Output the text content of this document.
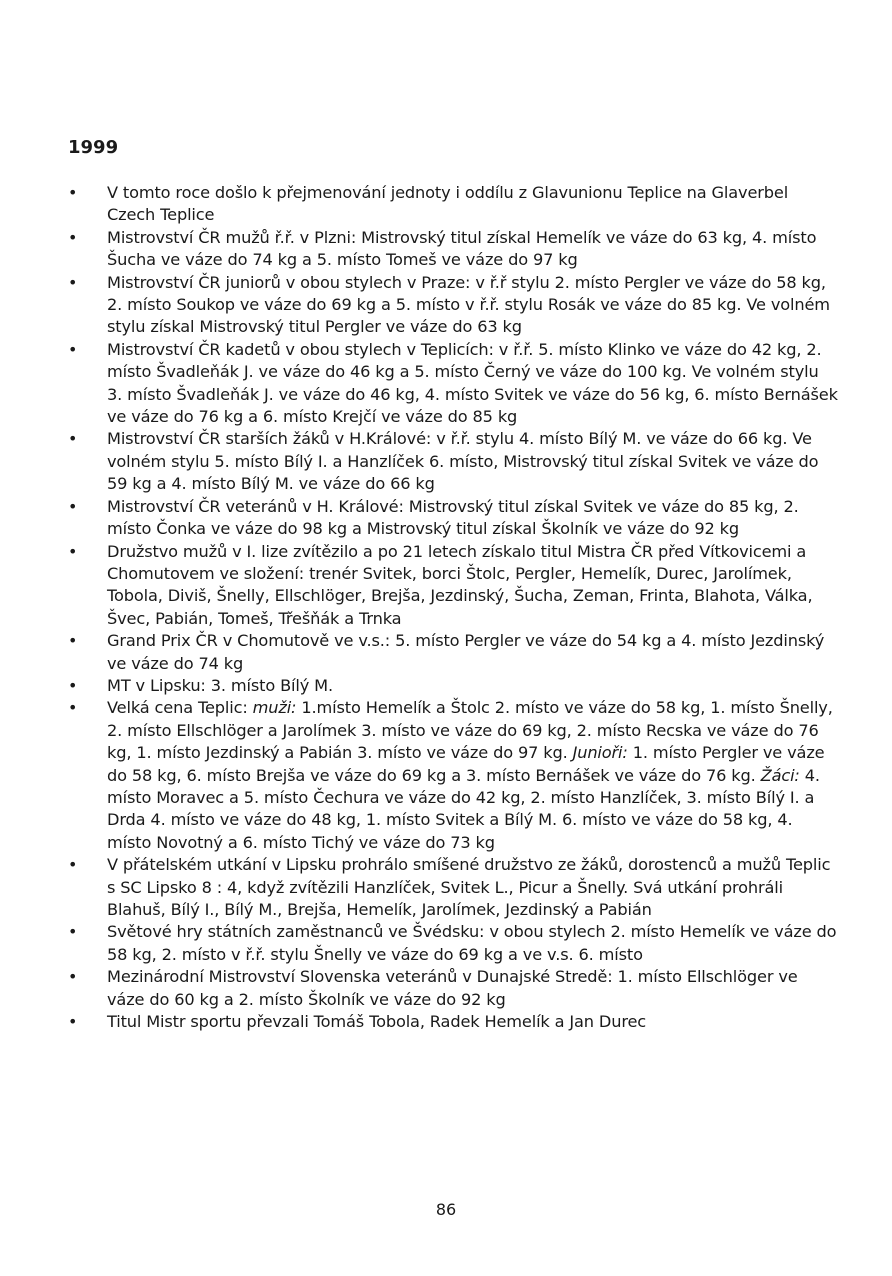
1999
•	V tomto roce došlo k přejmenování jednoty i oddílu z Glavunionu Teplice na Glaverbel Czech Teplice
•	Mistrovství ČR mužů ř.ř. v Plzni: Mistrovský titul získal Hemelík ve váze do 63 kg, 4. místo Šucha ve váze do 74 kg a 5. místo Tomeš ve váze do 97 kg
•	Mistrovství ČR juniorů v obou stylech v Praze: v ř.ř stylu 2. místo Pergler ve váze do 58 kg, 2. místo Soukop ve váze do 69 kg a 5. místo v ř.ř. stylu Rosák ve váze do 85 kg. Ve volném stylu získal Mistrovský titul Pergler ve váze do 63 kg
•	Mistrovství ČR kadetů v obou stylech v Teplicích: v ř.ř. 5. místo Klinko ve váze do 42 kg, 2. místo Švadleňák J. ve váze do 46 kg a 5. místo Černý ve váze do 100 kg. Ve volném stylu 3. místo Švadleňák J. ve váze do 46 kg, 4. místo Svitek ve váze do 56 kg, 6. místo Bernášek ve váze do 76 kg a 6. místo Krejčí ve váze do 85 kg
•	Mistrovství ČR starších žáků v H.Králové: v ř.ř. stylu 4. místo Bílý M. ve váze do 66 kg. Ve volném stylu 5. místo Bílý I. a Hanzlíček 6. místo, Mistrovský titul získal Svitek ve váze do 59 kg a 4. místo Bílý M. ve váze do 66 kg
•	Mistrovství ČR veteránů v H. Králové: Mistrovský titul získal Svitek ve váze do 85 kg, 2. místo Čonka ve váze do 98 kg a Mistrovský titul získal Školník ve váze do 92 kg
•	Družstvo mužů v I. lize zvítězilo a po 21 letech získalo titul Mistra ČR před Vítkovicemi a Chomutovem ve složení: trenér Svitek, borci Štolc, Pergler, Hemelík, Durec, Jarolímek, Tobola, Diviš, Šnelly, Ellschlöger, Brejša, Jezdinský, Šucha, Zeman, Frinta, Blahota, Válka, Švec, Pabián, Tomeš, Třešňák a Trnka
•	Grand Prix ČR v Chomutově ve v.s.: 5. místo Pergler ve váze do 54 kg a 4. místo Jezdinský ve váze do 74 kg
•	MT v Lipsku: 3. místo Bílý M.
•	Velká cena Teplic: muži: 1.místo Hemelík a Štolc 2. místo ve váze do 58 kg, 1. místo Šnelly, 2. místo Ellschlöger a Jarolímek 3. místo ve váze do 69 kg, 2. místo Recska ve váze do 76 kg, 1. místo Jezdinský a Pabián 3. místo ve váze do 97 kg. Junioři: 1. místo Pergler ve váze do 58 kg, 6. místo Brejša ve váze do 69 kg a 3. místo Bernášek ve váze do 76 kg. Žáci: 4. místo Moravec a 5. místo Čechura ve váze do 42 kg, 2. místo Hanzlíček, 3. místo Bílý I. a Drda 4. místo ve váze do 48 kg, 1. místo Svitek a Bílý M. 6. místo ve váze do 58 kg, 4. místo Novotný a 6. místo Tichý ve váze do 73 kg
•	V přátelském utkání v Lipsku prohrálo smíšené družstvo ze žáků, dorostenců a mužů Teplic s SC Lipsko 8 : 4, když zvítězili Hanzlíček, Svitek L., Picur a Šnelly. Svá utkání prohráli Blahuš, Bílý I., Bílý M., Brejša, Hemelík, Jarolímek, Jezdinský a Pabián
•	Světové hry státních zaměstnanců ve Švédsku: v obou stylech 2. místo Hemelík ve váze do 58 kg, 2. místo v ř.ř. stylu Šnelly ve váze do 69 kg a ve v.s. 6. místo
•	Mezinárodní Mistrovství Slovenska veteránů v Dunajské Stredě: 1. místo Ellschlöger ve váze do 60 kg a 2. místo Školník ve váze do 92 kg
•	Titul Mistr sportu převzali Tomáš Tobola, Radek Hemelík a Jan Durec
86
